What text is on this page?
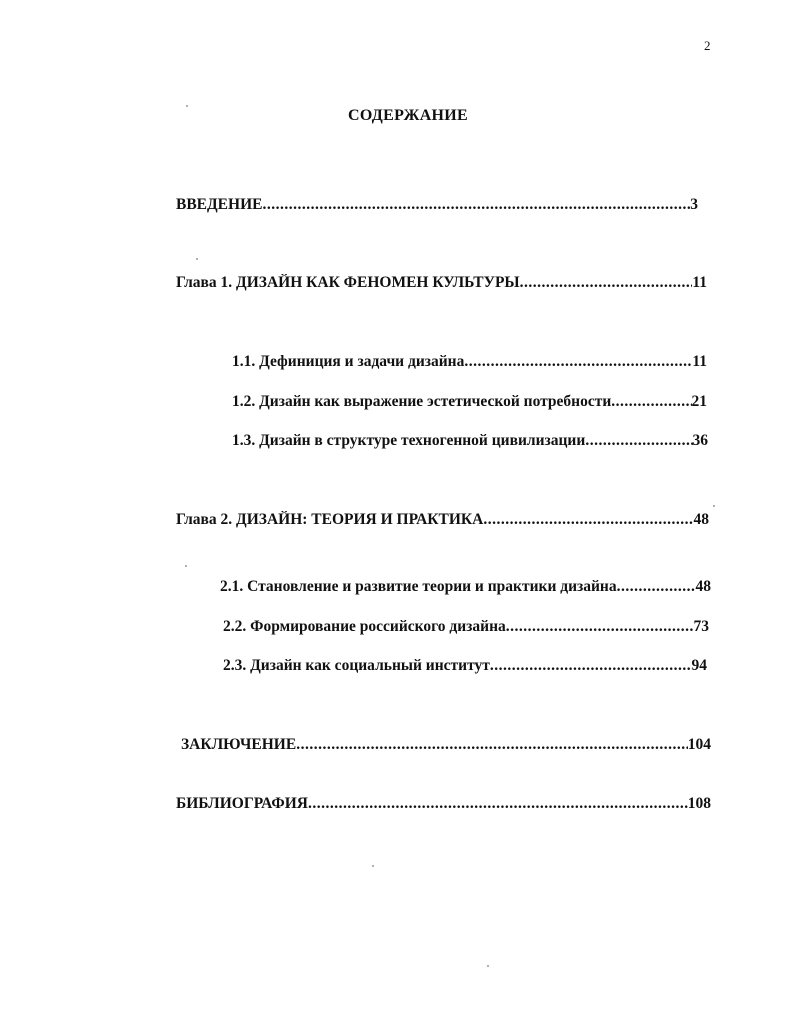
2
СОДЕРЖАНИЕ
ВВЕДЕНИЕ .....	3
Глава 1. ДИЗАЙН КАК ФЕНОМЕН КУЛЬТУРЫ .....	11
1.1. Дефиниция и задачи дизайна .....	11
1.2. Дизайн как выражение эстетической потребности .....	21
1.3. Дизайн в структуре техногенной цивилизации .....	36
Глава 2. ДИЗАЙН: ТЕОРИЯ И ПРАКТИКА .....	48
2.1. Становление и развитие теории и практики дизайна .....	48
2.2. Формирование российского дизайна .....	73
2.3. Дизайн как социальный институт .....	94
ЗАКЛЮЧЕНИЕ .....	104
БИБЛИОГРАФИЯ .....	108
